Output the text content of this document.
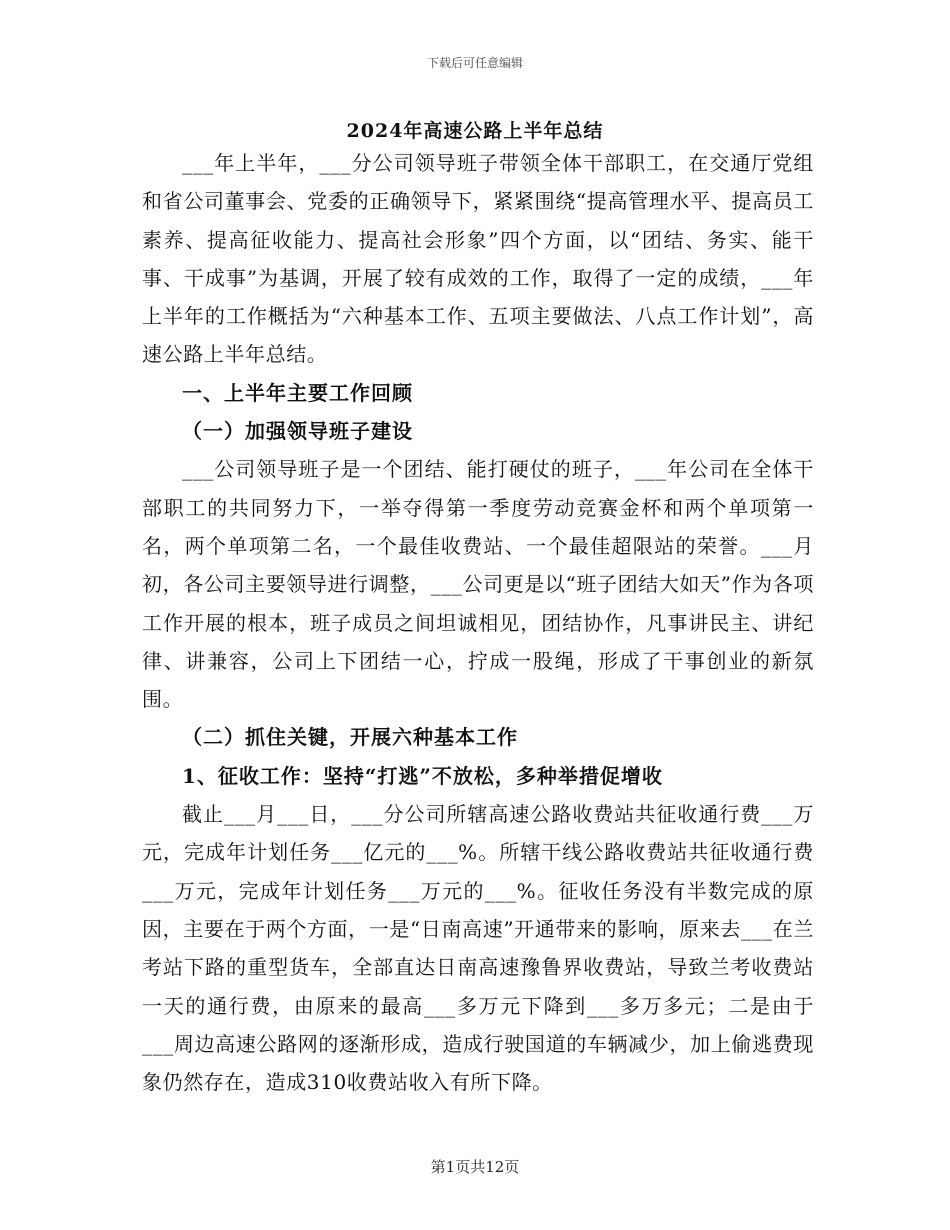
下载后可任意编辑
2024年高速公路上半年总结

___年上半年，___分公司领导班子带领全体干部职工，在交通厅党组和省公司董事会、党委的正确领导下，紧紧围绕“提高管理水平、提高员工素养、提高征收能力、提高社会形象”四个方面，以“团结、务实、能干事、干成事”为基调，开展了较有成效的工作，取得了一定的成绩，___年上半年的工作概括为“六种基本工作、五项主要做法、八点工作计划”，高速公路上半年总结。

一、上半年主要工作回顾

（一）加强领导班子建设

___公司领导班子是一个团结、能打硬仗的班子，___年公司在全体干部职工的共同努力下，一举夺得第一季度劳动竞赛金杯和两个单项第一名，两个单项第二名，一个最佳收费站、一个最佳超限站的荣誉。___月初，各公司主要领导进行调整，___公司更是以“班子团结大如天”作为各项工作开展的根本，班子成员之间坦诚相见，团结协作，凡事讲民主、讲纪律、讲兼容，公司上下团结一心，拧成一股绳，形成了干事创业的新氛围。

（二）抓住关键，开展六种基本工作

1、征收工作：坚持“打逃”不放松，多种举措促增收

截止___月___日，___分公司所辖高速公路收费站共征收通行费___万元，完成年计划任务___亿元的___%。所辖干线公路收费站共征收通行费___万元，完成年计划任务___万元的___%。征收任务没有半数完成的原因，主要在于两个方面，一是“日南高速”开通带来的影响，原来去___在兰考站下路的重型货车，全部直达日南高速豫鲁界收费站，导致兰考收费站一天的通行费，由原来的最高___多万元下降到___多万多元；二是由于___周边高速公路网的逐渐形成，造成行驶国道的车辆减少，加上偷逃费现象仍然存在，造成310收费站收入有所下降。

第1页共12页
